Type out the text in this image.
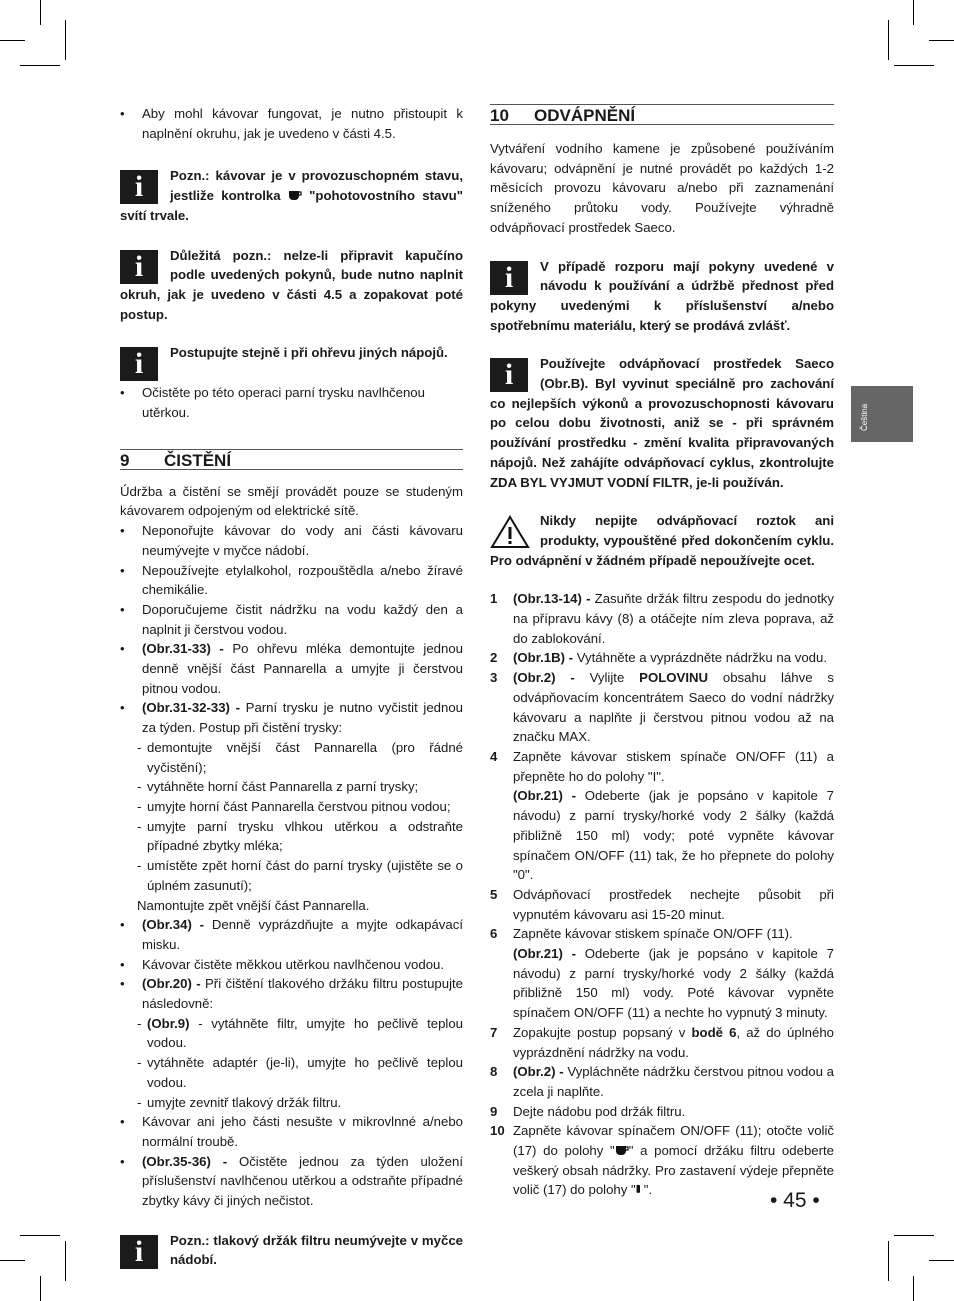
• Aby mohl kávovar fungovat, je nutno přistoupit k naplnění okruhu, jak je uvedeno v části 4.5.
i	Pozn.: kávovar je v provozuschopném stavu, jestliže kontrolka "pohotovostního stavu" svítí trvale.

i	Důležitá pozn.: nelze-li připravit kapučíno podle uvedených pokynů, bude nutno naplnit okruh, jak je uvedeno v části 4.5 a zopakovat poté postup.

i	Postupujte stejně i při ohřevu jiných nápojů.

• Očistěte po této operaci parní trysku navlhčenou utěrkou.
9 ČISTĚNÍ
Údržba a čistění se smějí provádět pouze se studeným kávovarem odpojeným od elektrické sítě.
• Neponořujte kávovar do vody ani části kávovaru neumývejte v myčce nádobí.
• Nepoužívejte etylalkohol, rozpouštědla a/nebo žíravé chemikálie.
• Doporučujeme čistit nádržku na vodu každý den a naplnit ji čerstvou vodou.
• (Obr.31-33) - Po ohřevu mléka demontujte jednou denně vnější část Pannarella a umyjte ji čerstvou pitnou vodou.
• (Obr.31-32-33) - Parní trysku je nutno vyčistit jednou za týden. Postup při čistění trysky:
- demontujte vnější část Pannarella (pro řádné vyčistění);
- vytáhněte horní část Pannarella z parní trysky;
- umyjte horní část Pannarella čerstvou pitnou vodou;
- umyjte parní trysku vlhkou utěrkou a odstraňte případné zbytky mléka;
- umístěte zpět horní část do parní trysky (ujistěte se o úplném zasunutí);
Namontujte zpět vnější část Pannarella.
• (Obr.34) - Denně vyprázdňujte a myjte odkapávací misku.
• Kávovar čistěte měkkou utěrkou navlhčenou vodou.
• (Obr.20) - Při čištění tlakového držáku filtru postupujte následovně:
- (Obr.9) - vytáhněte filtr, umyjte ho pečlivě teplou vodou.
- vytáhněte adaptér (je-li), umyjte ho pečlivě teplou vodou.
- umyjte zevnitř tlakový držák filtru.
• Kávovar ani jeho části nesušte v mikrovlnné a/nebo normální troubě.
• (Obr.35-36) - Očistěte jednou za týden uložení příslušenství navlhčenou utěrkou a odstraňte případné zbytky kávy či jiných nečistot.
i	Pozn.: tlakový držák filtru neumývejte v myčce nádobí.

10 ODVÁPNĚNÍ
Vytváření vodního kamene je způsobené používáním kávovaru; odvápnění je nutné provádět po každých 1-2 měsících provozu kávovaru a/nebo při zaznamenání sníženého průtoku vody. Používejte výhradně odvápňovací prostředek Saeco.
i	V případě rozporu mají pokyny uvedené v návodu k používání a údržbě přednost před pokyny uvedenými k příslušenství a/nebo spotřebnímu materiálu, který se prodává zvlášť.

i	Používejte odvápňovací prostředek Saeco (Obr.B). Byl vyvinut speciálně pro zachování co nejlepších výkonů a provozuschopnosti kávovaru po celou dobu životnosti, aniž se - při správném používání prostředku - změní kvalita připravovaných nápojů. Než zahájíte odvápňovací cyklus, zkontrolujte ZDA BYL VYJMUT VODNÍ FILTR, je-li používán.

Nikdy nepijte odvápňovací roztok ani produkty, vypouštěné před dokončením cyklu. Pro odvápnění v žádném případě nepoužívejte ocet.

1 (Obr.13-14) - Zasuňte držák filtru zespodu do jednotky na přípravu kávy (8) a otáčejte ním zleva poprava, až do zablokování.
2 (Obr.1B) - Vytáhněte a vyprázdněte nádržku na vodu.
3 (Obr.2) - Vylijte POLOVINU obsahu láhve s odvápňovacím koncentrátem Saeco do vodní nádržky kávovaru a naplňte ji čerstvou pitnou vodou až na značku MAX.
4 Zapněte kávovar stiskem spínače ON/OFF (11) a přepněte ho do polohy "I".
(Obr.21) - Odeberte (jak je popsáno v kapitole 7 návodu) z parní trysky/horké vody 2 šálky (každá přibližně 150 ml) vody; poté vypněte kávovar spínačem ON/OFF (11) tak, že ho přepnete do polohy "0".
5 Odvápňovací prostředek nechejte působit při vypnutém kávovaru asi 15-20 minut.
6 Zapněte kávovar stiskem spínače ON/OFF (11).
(Obr.21) - Odeberte (jak je popsáno v kapitole 7 návodu) z parní trysky/horké vody 2 šálky (každá přibližně 150 ml) vody. Poté kávovar vypněte spínačem ON/OFF (11) a nechte ho vypnutý 3 minuty.
7 Zopakujte postup popsaný v bodě 6, až do úplného vyprázdnění nádržky na vodu.
8 (Obr.2) - Vypláchněte nádržku čerstvou pitnou vodou a zcela ji naplňte.
9 Dejte nádobu pod držák filtru.
10 Zapněte kávovar spínačem ON/OFF (11); otočte volič (17) do polohy " " a pomocí držáku filtru odeberte veškerý obsah nádržky. Pro zastavení výdeje přepněte volič (17) do polohy " ".
Čeština
• 45 •
